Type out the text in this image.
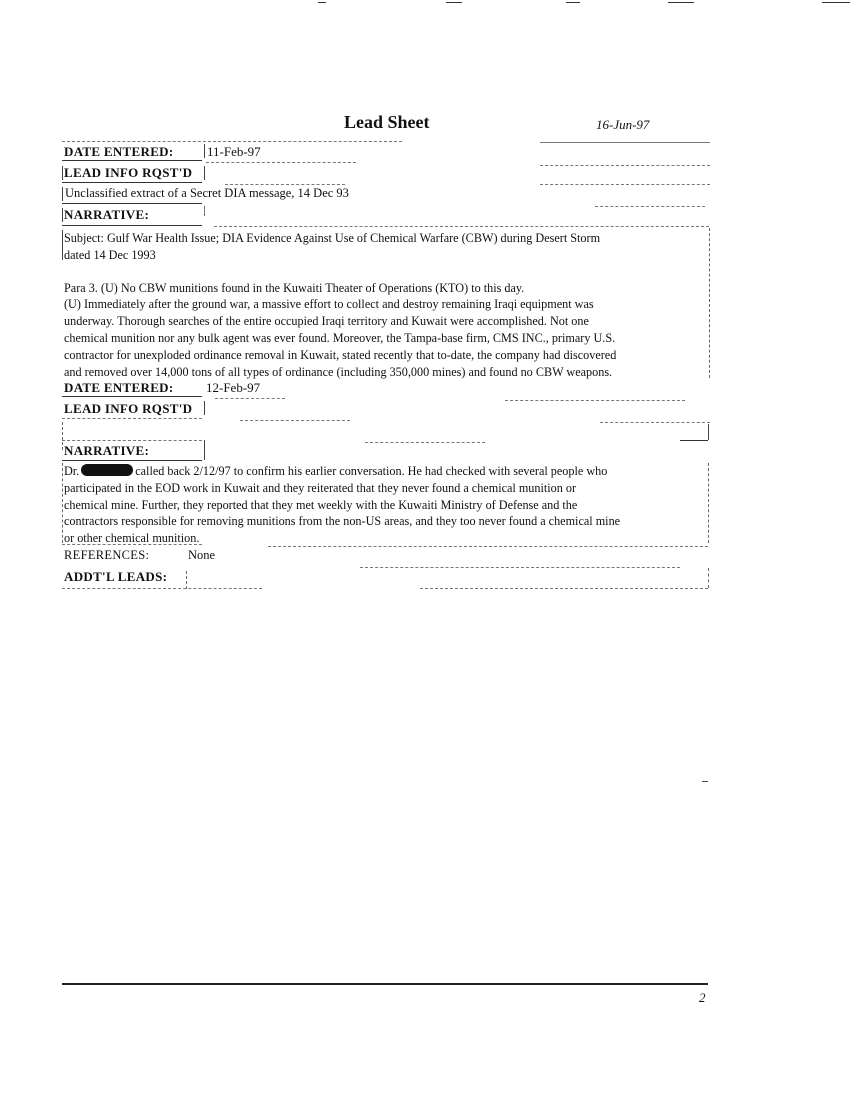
Lead Sheet	16-Jun-97
DATE ENTERED:	11-Feb-97
LEAD INFO RQST'D
Unclassified extract of a Secret DIA message, 14 Dec 93
NARRATIVE:

Subject: Gulf War Health Issue; DIA Evidence Against Use of Chemical Warfare (CBW) during Desert Storm

dated 14 Dec 1993

Para 3. (U) No CBW munitions found in the Kuwaiti Theater of Operations (KTO) to this day.

(U) Immediately after the ground war, a massive effort to collect and destroy remaining Iraqi equipment was

underway. Thorough searches of the entire occupied Iraqi territory and Kuwait were accomplished. Not one

chemical munition nor any bulk agent was ever found. Moreover, the Tampa-base firm, CMS INC., primary U.S.

contractor for unexploded ordinance removal in Kuwait, stated recently that to-date, the company had discovered

and removed over 14,000 tons of all types of ordinance (including 350,000 mines) and found no CBW weapons.

DATE ENTERED:	12-Feb-97
LEAD INFO RQST'D
NARRATIVE:

Dr.	called back 2/12/97 to confirm his earlier conversation. He had checked with several people who

participated in the EOD work in Kuwait and they reiterated that they never found a chemical munition or

chemical mine. Further, they reported that they met weekly with the Kuwaiti Ministry of Defense and the

contractors responsible for removing munitions from the non-US areas, and they too never found a chemical mine

or other chemical munition.

REFERENCES:	None
ADDT'L LEADS:
2
